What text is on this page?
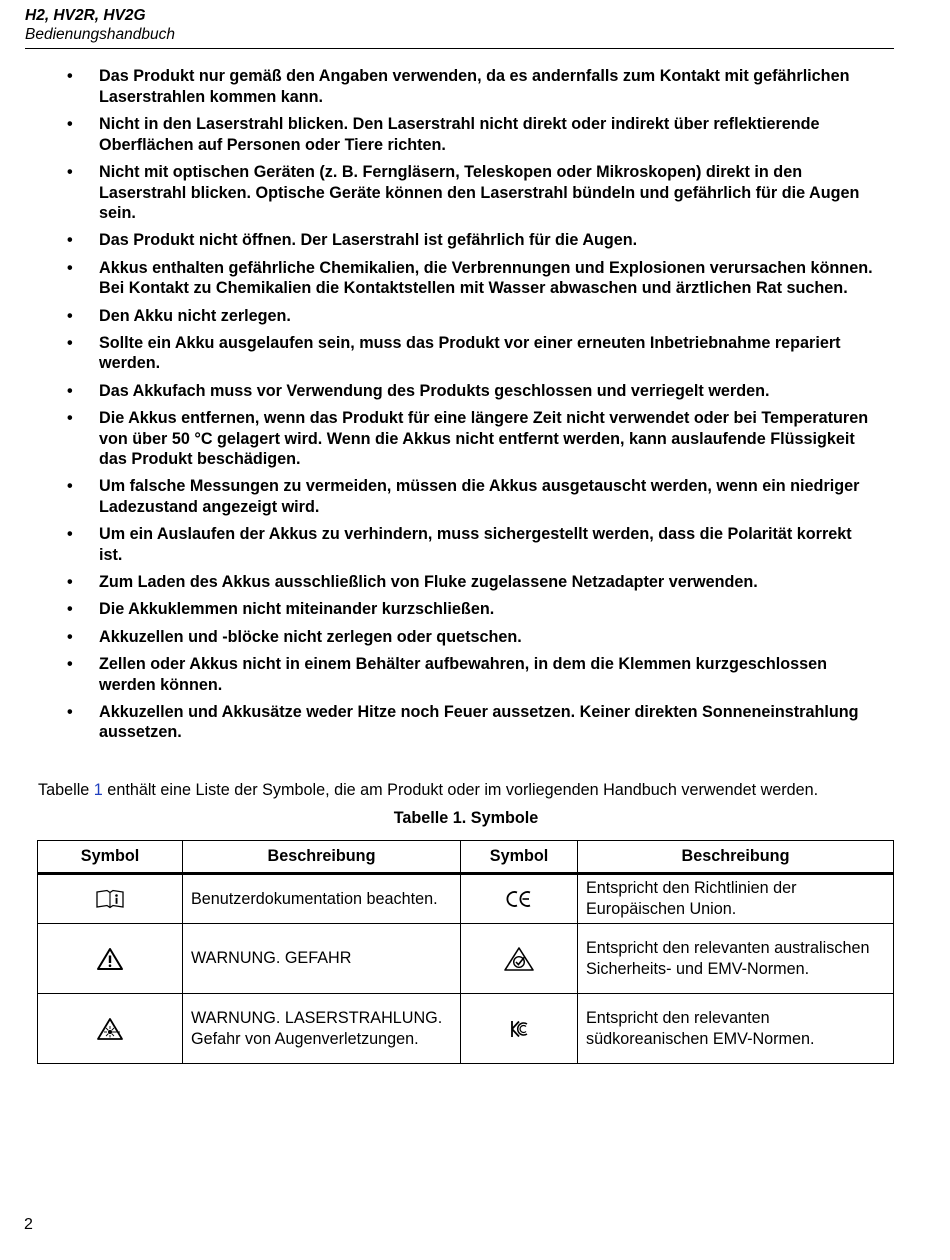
H2, HV2R, HV2G
Bedienungshandbuch
• Das Produkt nur gemäß den Angaben verwenden, da es andernfalls zum Kontakt mit gefährlichen Laserstrahlen kommen kann.
• Nicht in den Laserstrahl blicken. Den Laserstrahl nicht direkt oder indirekt über reflektierende Oberflächen auf Personen oder Tiere richten.
• Nicht mit optischen Geräten (z. B. Ferngläsern, Teleskopen oder Mikroskopen) direkt in den Laserstrahl blicken. Optische Geräte können den Laserstrahl bündeln und gefährlich für die Augen sein.
• Das Produkt nicht öffnen. Der Laserstrahl ist gefährlich für die Augen.
• Akkus enthalten gefährliche Chemikalien, die Verbrennungen und Explosionen verursachen können. Bei Kontakt zu Chemikalien die Kontaktstellen mit Wasser abwaschen und ärztlichen Rat suchen.
• Den Akku nicht zerlegen.
• Sollte ein Akku ausgelaufen sein, muss das Produkt vor einer erneuten Inbetriebnahme repariert werden.
• Das Akkufach muss vor Verwendung des Produkts geschlossen und verriegelt werden.
• Die Akkus entfernen, wenn das Produkt für eine längere Zeit nicht verwendet oder bei Temperaturen von über 50 °C gelagert wird. Wenn die Akkus nicht entfernt werden, kann auslaufende Flüssigkeit das Produkt beschädigen.
• Um falsche Messungen zu vermeiden, müssen die Akkus ausgetauscht werden, wenn ein niedriger Ladezustand angezeigt wird.
• Um ein Auslaufen der Akkus zu verhindern, muss sichergestellt werden, dass die Polarität korrekt ist.
• Zum Laden des Akkus ausschließlich von Fluke zugelassene Netzadapter verwenden.
• Die Akkuklemmen nicht miteinander kurzschließen.
• Akkuzellen und -blöcke nicht zerlegen oder quetschen.
• Zellen oder Akkus nicht in einem Behälter aufbewahren, in dem die Klemmen kurzgeschlossen werden können.
• Akkuzellen und Akkusätze weder Hitze noch Feuer aussetzen. Keiner direkten Sonneneinstrahlung aussetzen.
Tabelle 1 enthält eine Liste der Symbole, die am Produkt oder im vorliegenden Handbuch verwendet werden.
Tabelle 1. Symbole
Symbol	Beschreibung	Symbol	Beschreibung

	Benutzerdokumentation beachten.		Entspricht den Richtlinien der Europäischen Union.

	WARNUNG. GEFAHR		Entspricht den relevanten australischen Sicherheits- und EMV-Normen.

	WARNUNG. LASERSTRAHLUNG. Gefahr von Augenverletzungen.		Entspricht den relevanten südkoreanischen EMV-Normen.
2
